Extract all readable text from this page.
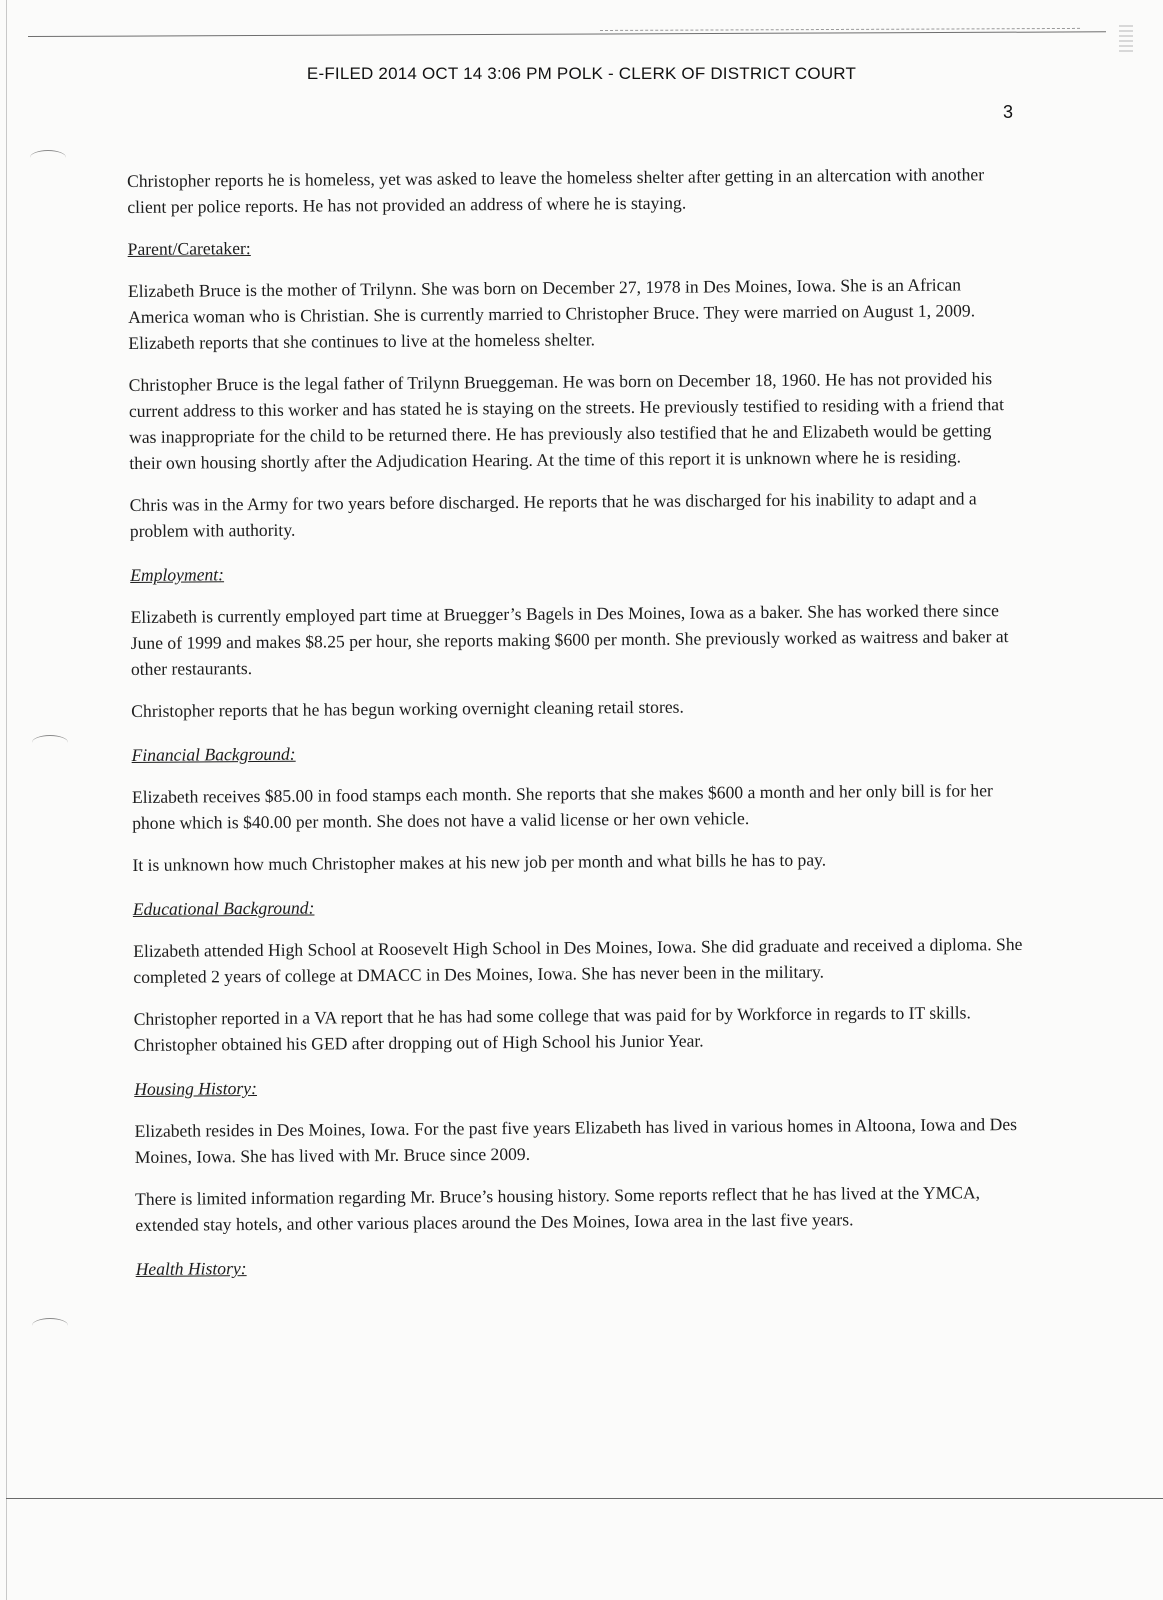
E-FILED 2014 OCT 14 3:06 PM POLK - CLERK OF DISTRICT COURT
3

Christopher reports he is homeless, yet was asked to leave the homeless shelter after getting in an altercation with another client per police reports. He has not provided an address of where he is staying.

Parent/Caretaker:

Elizabeth Bruce is the mother of Trilynn. She was born on December 27, 1978 in Des Moines, Iowa. She is an African America woman who is Christian. She is currently married to Christopher Bruce. They were married on August 1, 2009. Elizabeth reports that she continues to live at the homeless shelter.

Christopher Bruce is the legal father of Trilynn Brueggeman. He was born on December 18, 1960. He has not provided his current address to this worker and has stated he is staying on the streets. He previously testified to residing with a friend that was inappropriate for the child to be returned there. He has previously also testified that he and Elizabeth would be getting their own housing shortly after the Adjudication Hearing. At the time of this report it is unknown where he is residing.

Chris was in the Army for two years before discharged. He reports that he was discharged for his inability to adapt and a problem with authority.

Employment:

Elizabeth is currently employed part time at Bruegger’s Bagels in Des Moines, Iowa as a baker. She has worked there since June of 1999 and makes $8.25 per hour, she reports making $600 per month. She previously worked as waitress and baker at other restaurants.

Christopher reports that he has begun working overnight cleaning retail stores.

Financial Background:

Elizabeth receives $85.00 in food stamps each month. She reports that she makes $600 a month and her only bill is for her phone which is $40.00 per month. She does not have a valid license or her own vehicle.

It is unknown how much Christopher makes at his new job per month and what bills he has to pay.

Educational Background:

Elizabeth attended High School at Roosevelt High School in Des Moines, Iowa. She did graduate and received a diploma. She completed 2 years of college at DMACC in Des Moines, Iowa. She has never been in the military.

Christopher reported in a VA report that he has had some college that was paid for by Workforce in regards to IT skills. Christopher obtained his GED after dropping out of High School his Junior Year.

Housing History:

Elizabeth resides in Des Moines, Iowa. For the past five years Elizabeth has lived in various homes in Altoona, Iowa and Des Moines, Iowa. She has lived with Mr. Bruce since 2009.

There is limited information regarding Mr. Bruce’s housing history. Some reports reflect that he has lived at the YMCA, extended stay hotels, and other various places around the Des Moines, Iowa area in the last five years.

Health History:
